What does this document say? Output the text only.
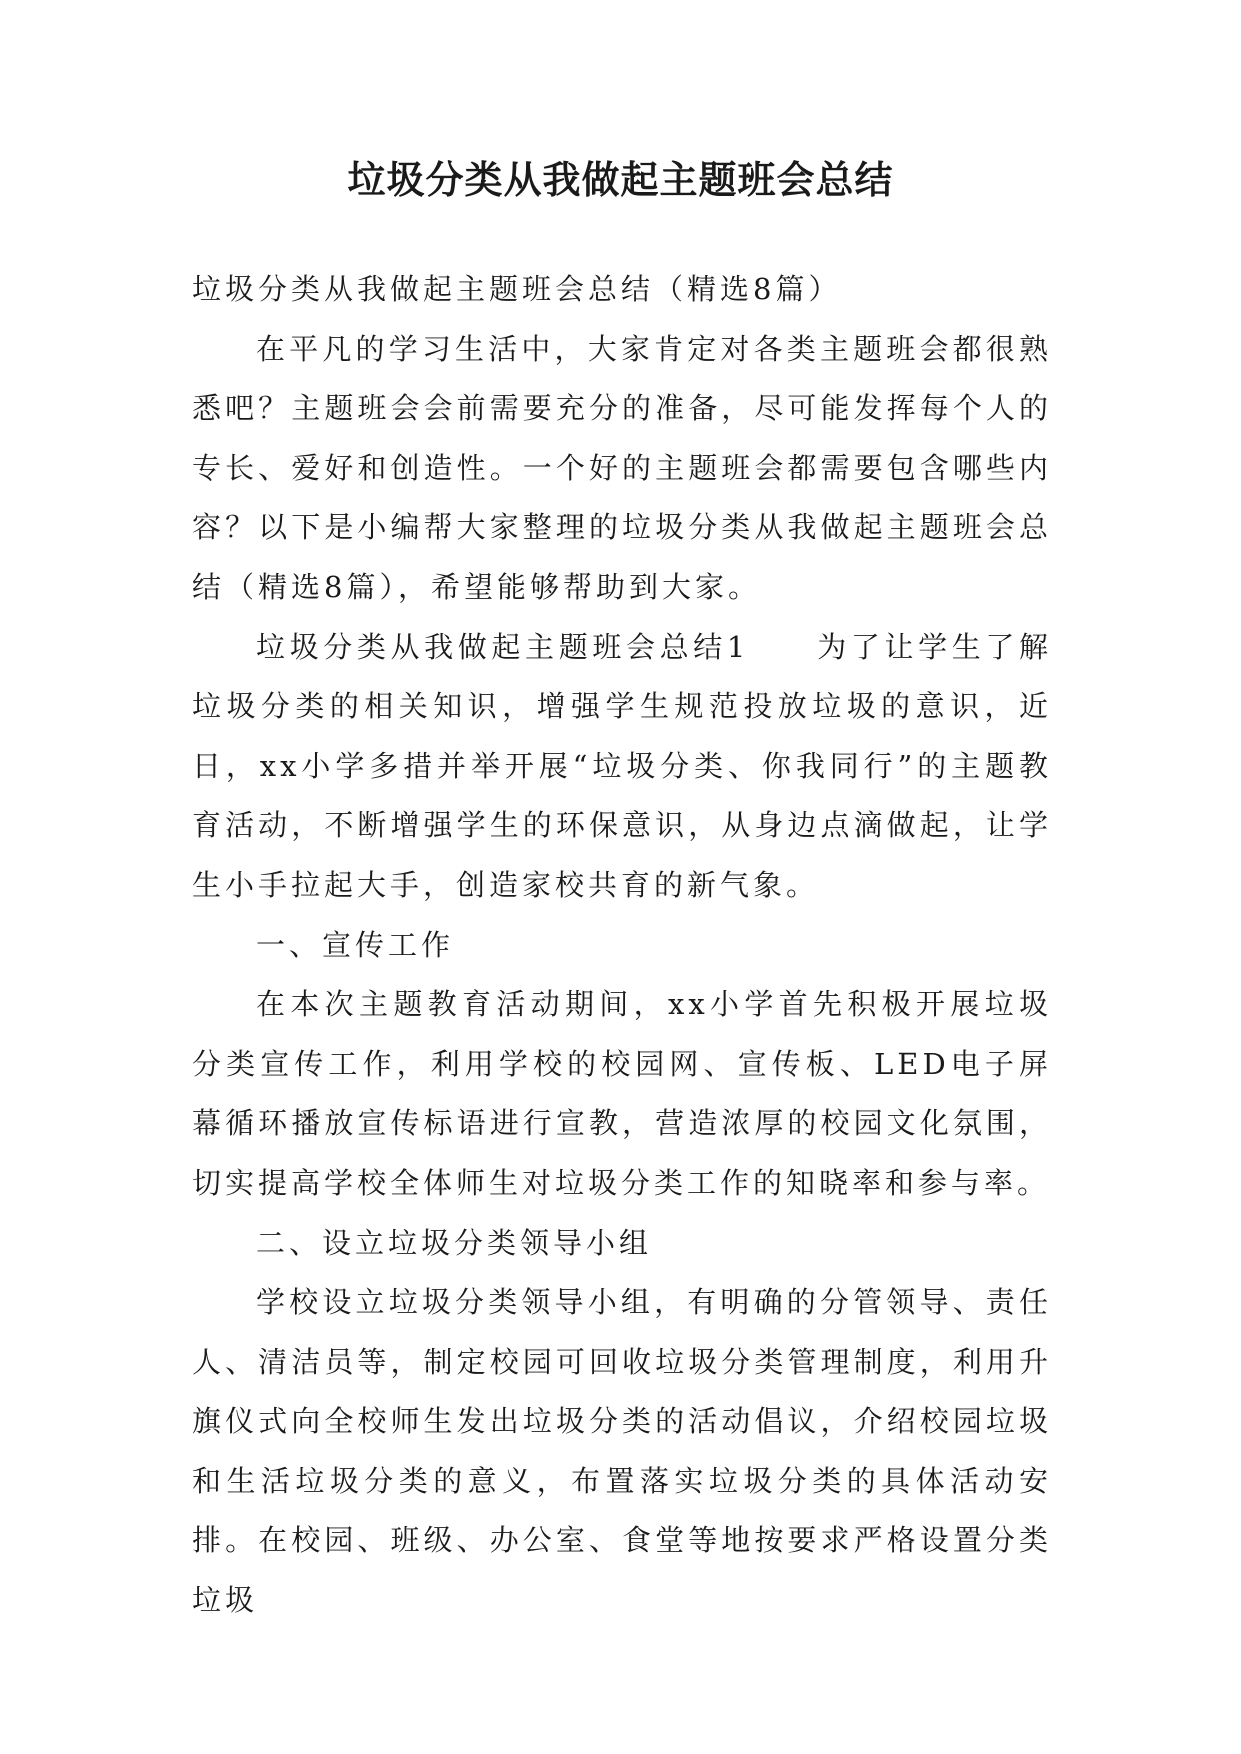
垃圾分类从我做起主题班会总结

垃圾分类从我做起主题班会总结（精选8篇）

在平凡的学习生活中，大家肯定对各类主题班会都很熟悉吧？主题班会会前需要充分的准备，尽可能发挥每个人的专长、爱好和创造性。一个好的主题班会都需要包含哪些内容？以下是小编帮大家整理的垃圾分类从我做起主题班会总结（精选8篇），希望能够帮助到大家。

垃圾分类从我做起主题班会总结1　　为了让学生了解垃圾分类的相关知识，增强学生规范投放垃圾的意识，近日，xx小学多措并举开展“垃圾分类、你我同行”的主题教育活动，不断增强学生的环保意识，从身边点滴做起，让学生小手拉起大手，创造家校共育的新气象。

一、宣传工作

在本次主题教育活动期间，xx小学首先积极开展垃圾分类宣传工作，利用学校的校园网、宣传板、LED电子屏幕循环播放宣传标语进行宣教，营造浓厚的校园文化氛围，切实提高学校全体师生对垃圾分类工作的知晓率和参与率。

二、设立垃圾分类领导小组

学校设立垃圾分类领导小组，有明确的分管领导、责任人、清洁员等，制定校园可回收垃圾分类管理制度，利用升旗仪式向全校师生发出垃圾分类的活动倡议，介绍校园垃圾和生活垃圾分类的意义，布置落实垃圾分类的具体活动安排。在校园、班级、办公室、食堂等地按要求严格设置分类垃圾
